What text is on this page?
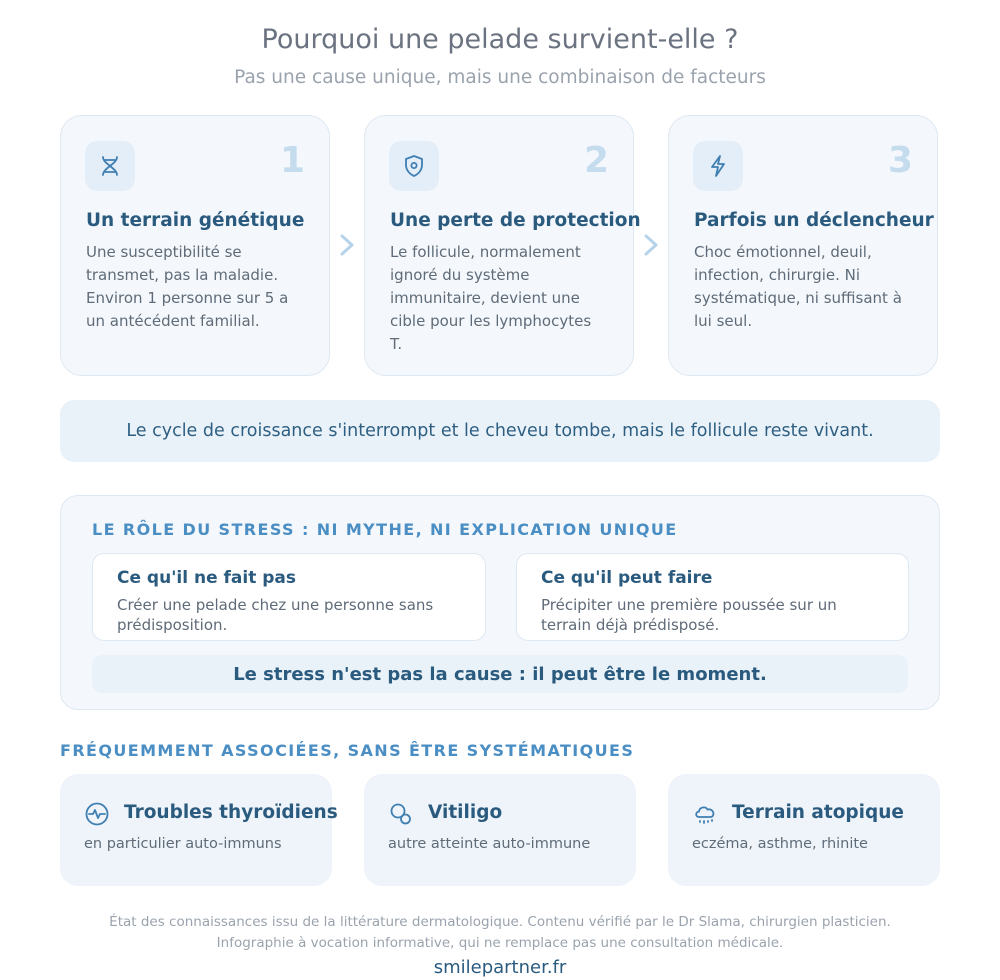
Pourquoi une pelade survient-elle ?
Pas une cause unique, mais une combinaison de facteurs
1
Un terrain génétique
Une susceptibilité se transmet, pas la maladie. Environ 1 personne sur 5 a un antécédent familial.
2
Une perte de protection
Le follicule, normalement ignoré du système immunitaire, devient une cible pour les lymphocytes T.
3
Parfois un déclencheur
Choc émotionnel, deuil, infection, chirurgie. Ni systématique, ni suffisant à lui seul.
Le cycle de croissance s'interrompt et le cheveu tombe, mais le follicule reste vivant.
LE RÔLE DU STRESS : NI MYTHE, NI EXPLICATION UNIQUE
Ce qu'il ne fait pas
Créer une pelade chez une personne sans prédisposition.
Ce qu'il peut faire
Précipiter une première poussée sur un terrain déjà prédisposé.
Le stress n'est pas la cause : il peut être le moment.
FRÉQUEMMENT ASSOCIÉES, SANS ÊTRE SYSTÉMATIQUES
Troubles thyroïdiens
en particulier auto-immuns
Vitiligo
autre atteinte auto-immune
Terrain atopique
eczéma, asthme, rhinite
État des connaissances issu de la littérature dermatologique. Contenu vérifié par le Dr Slama, chirurgien plasticien.
Infographie à vocation informative, qui ne remplace pas une consultation médicale.
smilepartner.fr
